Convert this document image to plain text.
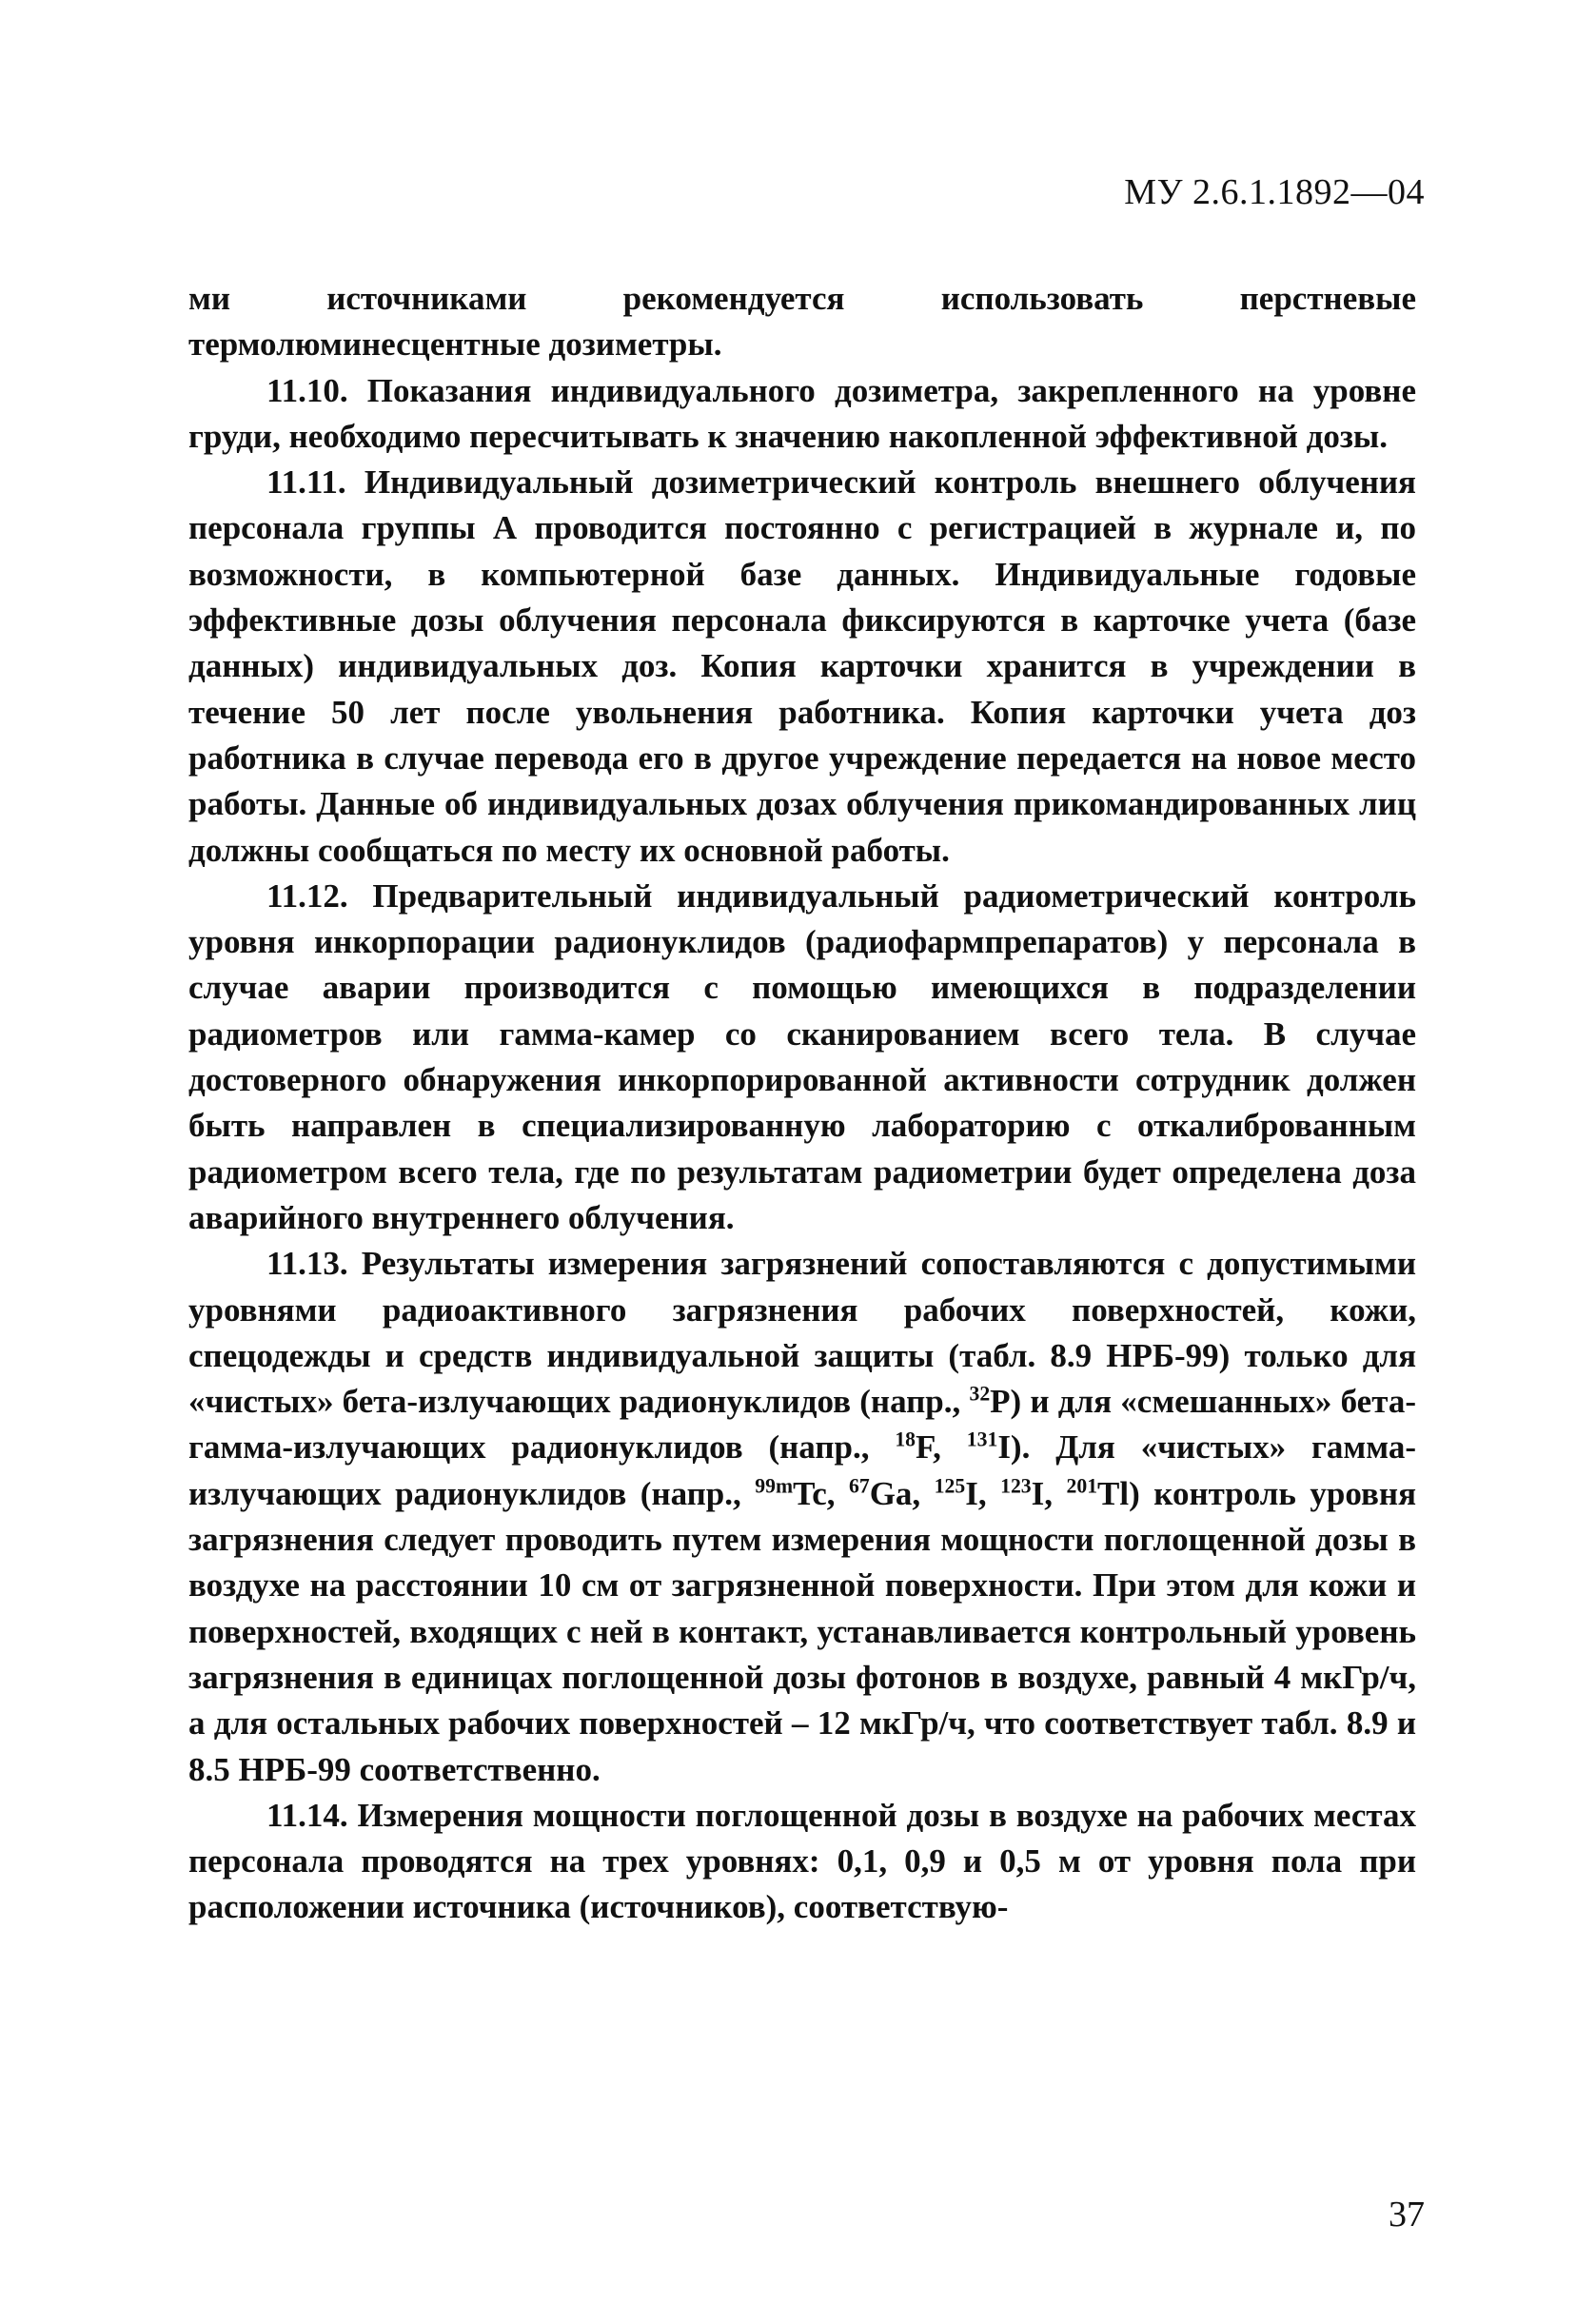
МУ 2.6.1.1892—04

ми источниками рекомендуется использовать перстневые термолюминесцентные дозиметры.

11.10. Показания индивидуального дозиметра, закрепленного на уровне груди, необходимо пересчитывать к значению накопленной эффективной дозы.

11.11. Индивидуальный дозиметрический контроль внешнего облучения персонала группы А проводится постоянно с регистрацией в журнале и, по возможности, в компьютерной базе данных. Индивидуальные годовые эффективные дозы облучения персонала фиксируются в карточке учета (базе данных) индивидуальных доз. Копия карточки хранится в учреждении в течение 50 лет после увольнения работника. Копия карточки учета доз работника в случае перевода его в другое учреждение передается на новое место работы. Данные об индивидуальных дозах облучения прикомандированных лиц должны сообщаться по месту их основной работы.

11.12. Предварительный индивидуальный радиометрический контроль уровня инкорпорации радионуклидов (радиофармпрепаратов) у персонала в случае аварии производится с помощью имеющихся в подразделении радиометров или гамма-камер со сканированием всего тела. В случае достоверного обнаружения инкорпорированной активности сотрудник должен быть направлен в специализированную лабораторию с откалиброванным радиометром всего тела, где по результатам радиометрии будет определена доза аварийного внутреннего облучения.

11.13. Результаты измерения загрязнений сопоставляются с допустимыми уровнями радиоактивного загрязнения рабочих поверхностей, кожи, спецодежды и средств индивидуальной защиты (табл. 8.9 НРБ-99) только для «чистых» бета-излучающих радионуклидов (напр., $^{32}$P) и для «смешанных» бета-гамма-излучающих радионуклидов (напр., $^{18}$F, $^{131}$I). Для «чистых» гамма-излучающих радионуклидов (напр., $^{99m}$Tc, $^{67}$Ga, $^{125}$I, $^{123}$I, $^{201}$Tl) контроль уровня загрязнения следует проводить путем измерения мощности поглощенной дозы в воздухе на расстоянии 10 см от загрязненной поверхности. При этом для кожи и поверхностей, входящих с ней в контакт, устанавливается контрольный уровень загрязнения в единицах поглощенной дозы фотонов в воздухе, равный 4 мкГр/ч, а для остальных рабочих поверхностей – 12 мкГр/ч, что соответствует табл. 8.9 и 8.5 НРБ-99 соответственно.

11.14. Измерения мощности поглощенной дозы в воздухе на рабочих местах персонала проводятся на трех уровнях: 0,1, 0,9 и 0,5 м от уровня пола при расположении источника (источников), соответствую-

37
